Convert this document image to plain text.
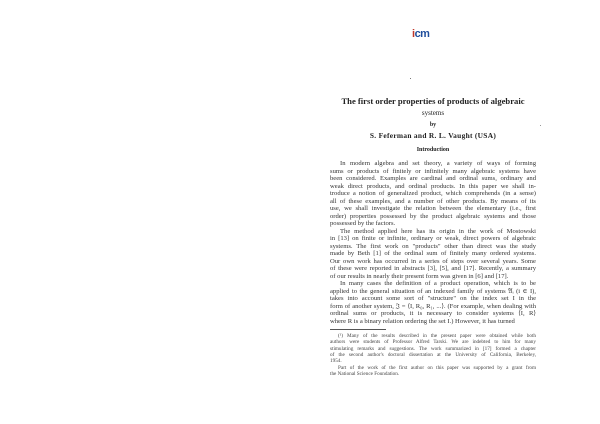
icm
The first order properties of products of algebraic
systems
by
S. Feferman and R. L. Vaught (USA)
Introduction
In modern algebra and set theory, a variety of ways of forming
sums or products of finitely or infinitely many algebraic systems have
been considered. Examples are cardinal and ordinal sums, ordinary and
weak direct products, and ordinal products. In this paper we shall in-
troduce a notion of generalized product, which comprehends (in a sense)
all of these examples, and a number of other products. By means of its
use, we shall investigate the relation between the elementary (i.e., first
order) properties possessed by the product algebraic systems and those
possessed by the factors.
The method applied here has its origin in the work of Mostowski
in [13] on finite or infinite, ordinary or weak, direct powers of algebraic
systems. The first work on "products" other than direct was the study
made by Beth [1] of the ordinal sum of finitely many ordered systems.
Our own work has occurred in a series of steps over several years. Some
of these were reported in abstracts [3], [5], and [17]. Recently, a summary
of our results in nearly their present form was given in [6] and [17].
In many cases the definition of a product operation, which is to be
applied to the general situation of an indexed family of systems 𝔄ᵢ (i ∈ I),
takes into account some sort of "structure" on the index set I in the
form of another system, 𝔍 = ⟨I, R₀, R₁, ...⟩. (For example, when dealing with
ordinal sums or products, it is necessary to consider systems ⟨I, R⟩
where R is a binary relation ordering the set I.) However, it has turned
(¹) Many of the results described in the present paper were obtained while both
authors were students of Professor Alfred Tarski. We are indebted to him for many
stimulating remarks and suggestions. The work summarized in [17] formed a chapter
of the second author's doctoral dissertation at the University of California, Berkeley,
1954.
Part of the work of the first author on this paper was supported by a grant from
the National Science Foundation.
